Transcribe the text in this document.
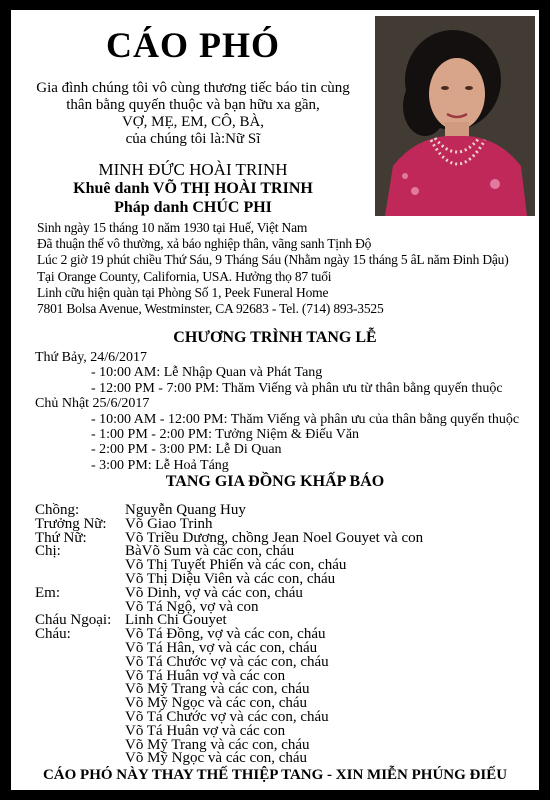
CÁO PHÓ
Gia đình chúng tôi vô cùng thương tiếc báo tin cùng
thân bằng quyến thuộc và bạn hữu xa gần,
VỢ, MẸ, EM, CÔ, BÀ,
của chúng tôi là:Nữ Sĩ
MINH ĐỨC HOÀI TRINH
Khuê danh VÕ THỊ HOÀI TRINH
Pháp danh CHÚC PHI
Sinh ngày 15 tháng 10 năm 1930 tại Huế, Việt Nam
Đã thuận thế vô thường, xả báo nghiệp thân, vãng sanh Tịnh Độ
Lúc 2 giờ 19 phút chiều Thứ Sáu, 9 Tháng Sáu (Nhằm ngày 15 tháng 5 âL năm Đinh Dậu)
Tại Orange County, California, USA. Hưởng thọ 87 tuổi
Linh cữu hiện quàn tại Phòng Số 1, Peek Funeral Home
7801 Bolsa Avenue, Westminster, CA 92683 - Tel. (714) 893-3525
CHƯƠNG TRÌNH TANG LỄ
Thứ Bảy, 24/6/2017
- 10:00 AM: Lễ Nhập Quan và Phát Tang
- 12:00 PM - 7:00 PM: Thăm Viếng và phân ưu từ thân bằng quyến thuộc
Chủ Nhật 25/6/2017
- 10:00 AM - 12:00 PM: Thăm Viếng và phân ưu của thân bằng quyến thuộc
- 1:00 PM - 2:00 PM: Tưởng Niệm & Điếu Văn
- 2:00 PM - 3:00 PM: Lễ Di Quan
- 3:00 PM: Lễ Hoả Táng
TANG GIA ĐỒNG KHẤP BÁO
Chồng:	Nguyễn Quang Huy
Trưởng Nữ:	Võ Giao Trinh
Thứ Nữ:	Võ Triều Dương, chồng Jean Noel Gouyet và con
Chị:	BàVõ Sum và các con, cháu
Võ Thị Tuyết Phiến và các con, cháu
Võ Thị Diệu Viên và các con, cháu
Em:	Võ Dinh, vợ và các con, cháu
Võ Tá Ngộ, vợ và con
Cháu Ngoại: Linh Chi Gouyet
Cháu:	Võ Tá Đồng, vợ và các con, cháu
Võ Tá Hân, vợ và các con, cháu
Võ Tá Chước vợ và các con, cháu
Võ Tá Huân vợ và các con
Võ Mỹ Trang và các con, cháu
Võ Mỹ Ngọc và các con, cháu
Võ Tá Chước vợ và các con, cháu
Võ Tá Huân vợ và các con
Võ Mỹ Trang và các con, cháu
Võ Mỹ Ngọc và các con, cháu
CÁO PHÓ NÀY THAY THẾ THIỆP TANG - XIN MIỄN PHÚNG ĐIẾU
